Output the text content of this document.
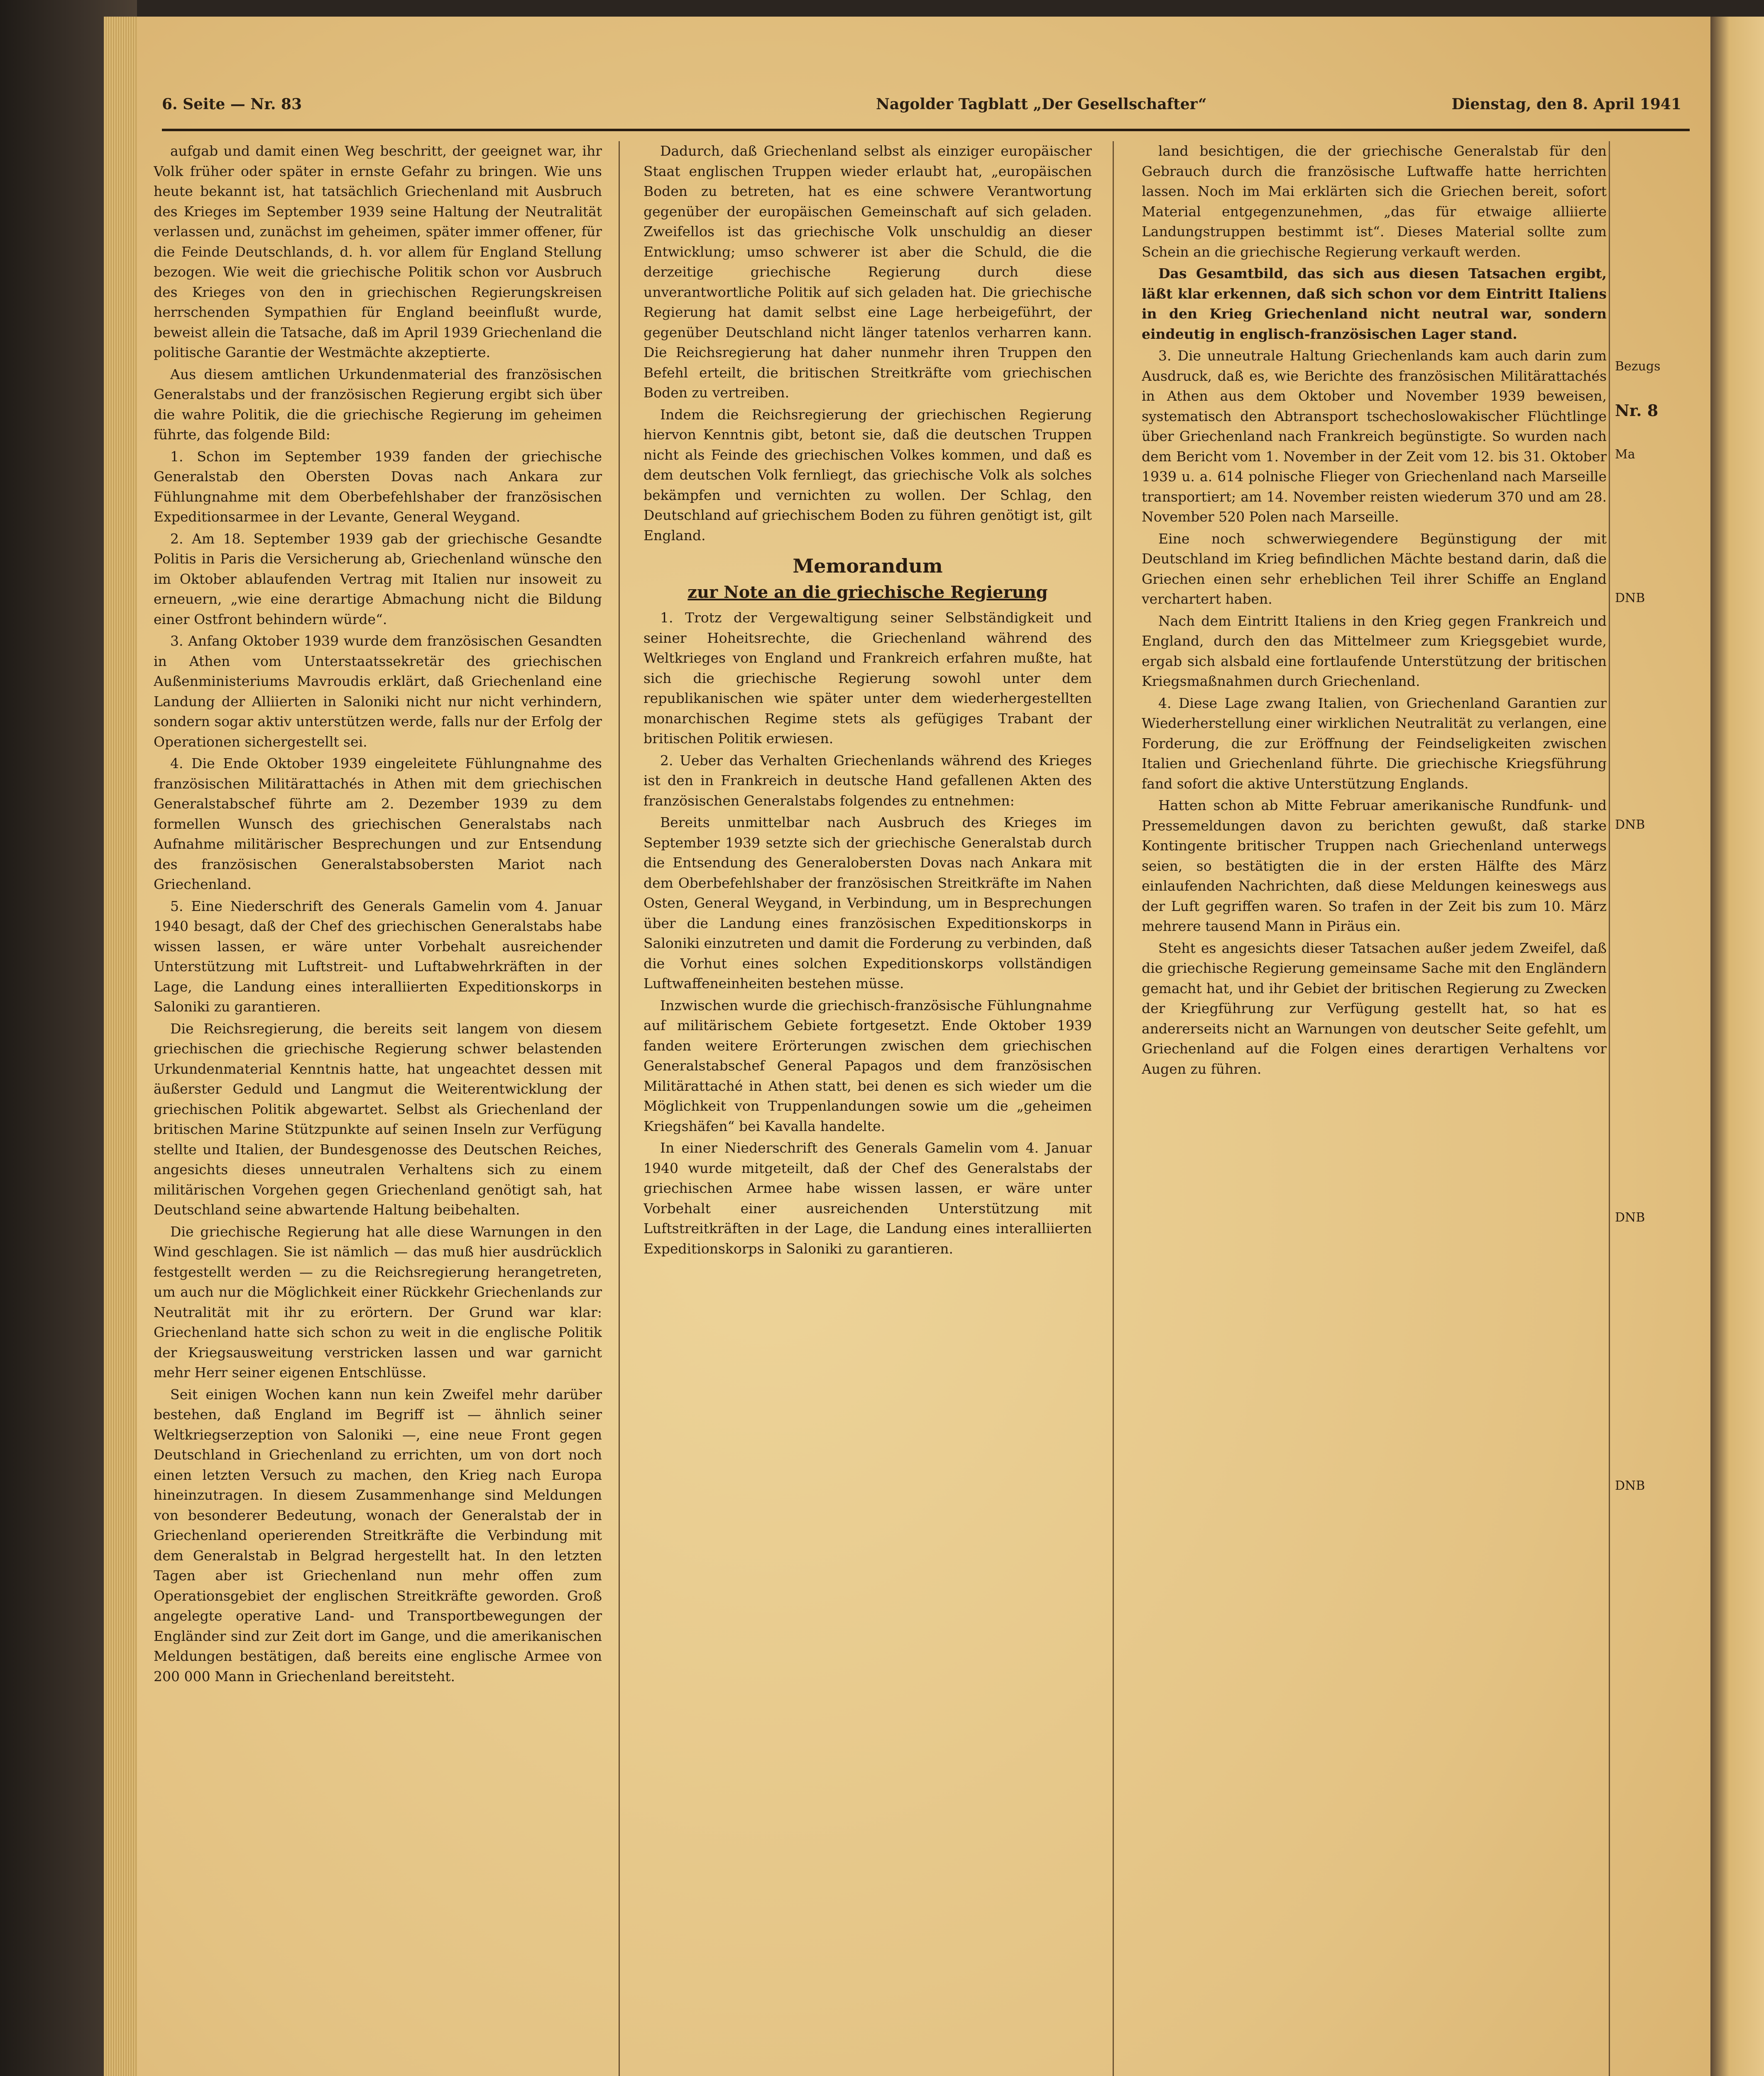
6. Seite — Nr. 83	Nagolder Tagblatt „Der Gesellschafter“	Dienstag, den 8. April 1941

aufgab und damit einen Weg beschritt, der geeignet war, ihr Volk früher oder später in ernste Gefahr zu bringen. Wie uns heute bekannt ist, hat tatsächlich Griechenland mit Ausbruch des Krieges im September 1939 seine Haltung der Neutralität verlassen und, zunächst im geheimen, später immer offener, für die Feinde Deutschlands, d. h. vor allem für England Stellung bezogen. Wie weit die griechische Politik schon vor Ausbruch des Krieges von den in griechischen Regierungskreisen herrschenden Sympathien für England beeinflußt wurde, beweist allein die Tatsache, daß im April 1939 Griechenland die politische Garantie der Westmächte akzeptierte.

Aus diesem amtlichen Urkundenmaterial des französischen Generalstabs und der französischen Regierung ergibt sich über die wahre Politik, die die griechische Regierung im geheimen führte, das folgende Bild:

1. Schon im September 1939 fanden der griechische Generalstab den Obersten Dovas nach Ankara zur Fühlungnahme mit dem Oberbefehlshaber der französischen Expeditionsarmee in der Levante, General Weygand.

2. Am 18. September 1939 gab der griechische Gesandte Politis in Paris die Versicherung ab, Griechenland wünsche den im Oktober ablaufenden Vertrag mit Italien nur insoweit zu erneuern, „wie eine derartige Abmachung nicht die Bildung einer Ostfront behindern würde“.

3. Anfang Oktober 1939 wurde dem französischen Gesandten in Athen vom Unterstaatssekretär des griechischen Außenministeriums Mavroudis erklärt, daß Griechenland eine Landung der Alliierten in Saloniki nicht nur nicht verhindern, sondern sogar aktiv unterstützen werde, falls nur der Erfolg der Operationen sichergestellt sei.

4. Die Ende Oktober 1939 eingeleitete Fühlungnahme des französischen Militärattachés in Athen mit dem griechischen Generalstabschef führte am 2. Dezember 1939 zu dem formellen Wunsch des griechischen Generalstabs nach Aufnahme militärischer Besprechungen und zur Entsendung des französischen Generalstabsobersten Mariot nach Griechenland.

5. Eine Niederschrift des Generals Gamelin vom 4. Januar 1940 besagt, daß der Chef des griechischen Generalstabs habe wissen lassen, er wäre unter Vorbehalt ausreichender Unterstützung mit Luftstreit- und Luftabwehrkräften in der Lage, die Landung eines interalliierten Expeditionskorps in Saloniki zu garantieren.

Die Reichsregierung, die bereits seit langem von diesem griechischen die griechische Regierung schwer belastenden Urkundenmaterial Kenntnis hatte, hat ungeachtet dessen mit äußerster Geduld und Langmut die Weiterentwicklung der griechischen Politik abgewartet. Selbst als Griechenland der britischen Marine Stützpunkte auf seinen Inseln zur Verfügung stellte und Italien, der Bundesgenosse des Deutschen Reiches, angesichts dieses unneutralen Verhaltens sich zu einem militärischen Vorgehen gegen Griechenland genötigt sah, hat Deutschland seine abwartende Haltung beibehalten.

Die griechische Regierung hat alle diese Warnungen in den Wind geschlagen. Sie ist nämlich — das muß hier ausdrücklich festgestellt werden — zu die Reichsregierung herangetreten, um auch nur die Möglichkeit einer Rückkehr Griechenlands zur Neutralität mit ihr zu erörtern. Der Grund war klar: Griechenland hatte sich schon zu weit in die englische Politik der Kriegsausweitung verstricken lassen und war garnicht mehr Herr seiner eigenen Entschlüsse.

Seit einigen Wochen kann nun kein Zweifel mehr darüber bestehen, daß England im Begriff ist — ähnlich seiner Weltkriegserzeption von Saloniki —, eine neue Front gegen Deutschland in Griechenland zu errichten, um von dort noch einen letzten Versuch zu machen, den Krieg nach Europa hineinzutragen. In diesem Zusammenhange sind Meldungen von besonderer Bedeutung, wonach der Generalstab der in Griechenland operierenden Streitkräfte die Verbindung mit dem Generalstab in Belgrad hergestellt hat. In den letzten Tagen aber ist Griechenland nun mehr offen zum Operationsgebiet der englischen Streitkräfte geworden. Groß angelegte operative Land- und Transportbewegungen der Engländer sind zur Zeit dort im Gange, und die amerikanischen Meldungen bestätigen, daß bereits eine englische Armee von 200 000 Mann in Griechenland bereitsteht.

Dadurch, daß Griechenland selbst als einziger europäischer Staat englischen Truppen wieder erlaubt hat, „europäischen Boden zu betreten, hat es eine schwere Verantwortung gegenüber der europäischen Gemeinschaft auf sich geladen. Zweifellos ist das griechische Volk unschuldig an dieser Entwicklung; umso schwerer ist aber die Schuld, die die derzeitige griechische Regierung durch diese unverantwortliche Politik auf sich geladen hat. Die griechische Regierung hat damit selbst eine Lage herbeigeführt, der gegenüber Deutschland nicht länger tatenlos verharren kann. Die Reichsregierung hat daher nunmehr ihren Truppen den Befehl erteilt, die britischen Streitkräfte vom griechischen Boden zu vertreiben.

Indem die Reichsregierung der griechischen Regierung hiervon Kenntnis gibt, betont sie, daß die deutschen Truppen nicht als Feinde des griechischen Volkes kommen, und daß es dem deutschen Volk fernliegt, das griechische Volk als solches bekämpfen und vernichten zu wollen. Der Schlag, den Deutschland auf griechischem Boden zu führen genötigt ist, gilt England.

Memorandum
zur Note an die griechische Regierung

1. Trotz der Vergewaltigung seiner Selbständigkeit und seiner Hoheitsrechte, die Griechenland während des Weltkrieges von England und Frankreich erfahren mußte, hat sich die griechische Regierung sowohl unter dem republikanischen wie später unter dem wiederhergestellten monarchischen Regime stets als gefügiges Trabant der britischen Politik erwiesen.

2. Ueber das Verhalten Griechenlands während des Krieges ist den in Frankreich in deutsche Hand gefallenen Akten des französischen Generalstabs folgendes zu entnehmen:

Bereits unmittelbar nach Ausbruch des Krieges im September 1939 setzte sich der griechische Generalstab durch die Entsendung des Generalobersten Dovas nach Ankara mit dem Oberbefehlshaber der französischen Streitkräfte im Nahen Osten, General Weygand, in Verbindung, um in Besprechungen über die Landung eines französischen Expeditionskorps in Saloniki einzutreten und damit die Forderung zu verbinden, daß die Vorhut eines solchen Expeditionskorps vollständigen Luftwaffeneinheiten bestehen müsse.

Inzwischen wurde die griechisch-französische Fühlungnahme auf militärischem Gebiete fortgesetzt. Ende Oktober 1939 fanden weitere Erörterungen zwischen dem griechischen Generalstabschef General Papagos und dem französischen Militärattaché in Athen statt, bei denen es sich wieder um die Möglichkeit von Truppenlandungen sowie um die „geheimen Kriegshäfen“ bei Kavalla handelte.

In einer Niederschrift des Generals Gamelin vom 4. Januar 1940 wurde mitgeteilt, daß der Chef des Generalstabs der griechischen Armee habe wissen lassen, er wäre unter Vorbehalt einer ausreichenden Unterstützung mit Luftstreitkräften in der Lage, die Landung eines interalliierten Expeditionskorps in Saloniki zu garantieren.

land besichtigen, die der griechische Generalstab für den Gebrauch durch die französische Luftwaffe hatte herrichten lassen. Noch im Mai erklärten sich die Griechen bereit, sofort Material entgegenzunehmen, „das für etwaige alliierte Landungstruppen bestimmt ist“. Dieses Material sollte zum Schein an die griechische Regierung verkauft werden.

Das Gesamtbild, das sich aus diesen Tatsachen ergibt, läßt klar erkennen, daß sich schon vor dem Eintritt Italiens in den Krieg Griechenland nicht neutral war, sondern eindeutig in englisch-französischen Lager stand.

3. Die unneutrale Haltung Griechenlands kam auch darin zum Ausdruck, daß es, wie Berichte des französischen Militärattachés in Athen aus dem Oktober und November 1939 beweisen, systematisch den Abtransport tschechoslowakischer Flüchtlinge über Griechenland nach Frankreich begünstigte. So wurden nach dem Bericht vom 1. November in der Zeit vom 12. bis 31. Oktober 1939 u. a. 614 polnische Flieger von Griechenland nach Marseille transportiert; am 14. November reisten wiederum 370 und am 28. November 520 Polen nach Marseille.

Eine noch schwerwiegendere Begünstigung der mit Deutschland im Krieg befindlichen Mächte bestand darin, daß die Griechen einen sehr erheblichen Teil ihrer Schiffe an England verchartert haben.

Nach dem Eintritt Italiens in den Krieg gegen Frankreich und England, durch den das Mittelmeer zum Kriegsgebiet wurde, ergab sich alsbald eine fortlaufende Unterstützung der britischen Kriegsmaßnahmen durch Griechenland.

4. Diese Lage zwang Italien, von Griechenland Garantien zur Wiederherstellung einer wirklichen Neutralität zu verlangen, eine Forderung, die zur Eröffnung der Feindseligkeiten zwischen Italien und Griechenland führte. Die griechische Kriegsführung fand sofort die aktive Unterstützung Englands.

Hatten schon ab Mitte Februar amerikanische Rundfunk- und Pressemeldungen davon zu berichten gewußt, daß starke Kontingente britischer Truppen nach Griechenland unterwegs seien, so bestätigten die in der ersten Hälfte des März einlaufenden Nachrichten, daß diese Meldungen keineswegs aus der Luft gegriffen waren. So trafen in der Zeit bis zum 10. März mehrere tausend Mann in Piräus ein.

Steht es angesichts dieser Tatsachen außer jedem Zweifel, daß die griechische Regierung gemeinsame Sache mit den Engländern gemacht hat, und ihr Gebiet der britischen Regierung zu Zwecken der Kriegführung zur Verfügung gestellt hat, so hat es andererseits nicht an Warnungen von deutscher Seite gefehlt, um Griechenland auf die Folgen eines derartigen Verhaltens vor Augen zu führen.

Bezugs
Nr. 8
Ma
DNB
DNB
DNB
DNB
